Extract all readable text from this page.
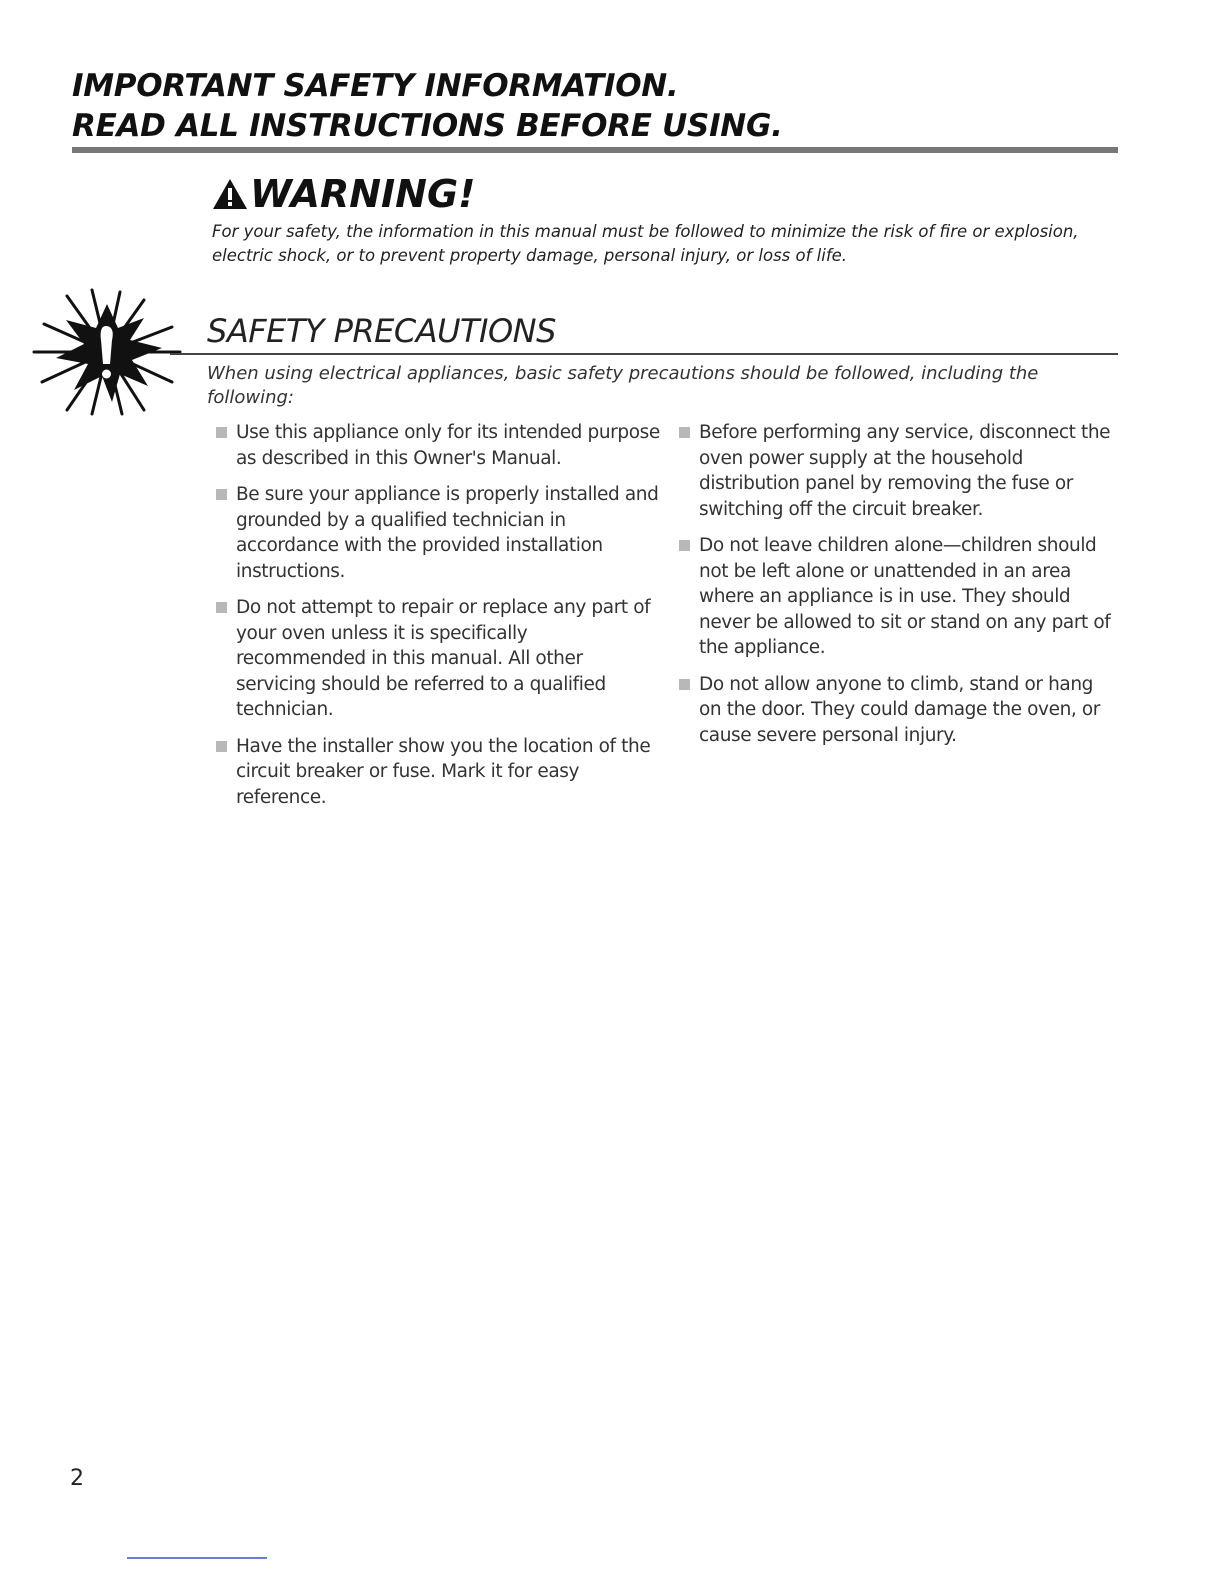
IMPORTANT SAFETY INFORMATION.
READ ALL INSTRUCTIONS BEFORE USING.
WARNING!

For your safety, the information in this manual must be followed to minimize the risk of fire or explosion, electric shock, or to prevent property damage, personal injury, or loss of life.

SAFETY PRECAUTIONS

When using electrical appliances, basic safety precautions should be followed, including the following:

Use this appliance only for its intended purpose as described in this Owner's Manual.
Be sure your appliance is properly installed and grounded by a qualified technician in accordance with the provided installation instructions.
Do not attempt to repair or replace any part of your oven unless it is specifically recommended in this manual. All other servicing should be referred to a qualified technician.
Have the installer show you the location of the circuit breaker or fuse. Mark it for easy reference.
Before performing any service, disconnect the oven power supply at the household distribution panel by removing the fuse or switching off the circuit breaker.
Do not leave children alone—children should not be left alone or unattended in an area where an appliance is in use. They should never be allowed to sit or stand on any part of the appliance.
Do not allow anyone to climb, stand or hang on the door. They could damage the oven, or cause severe personal injury.

2
